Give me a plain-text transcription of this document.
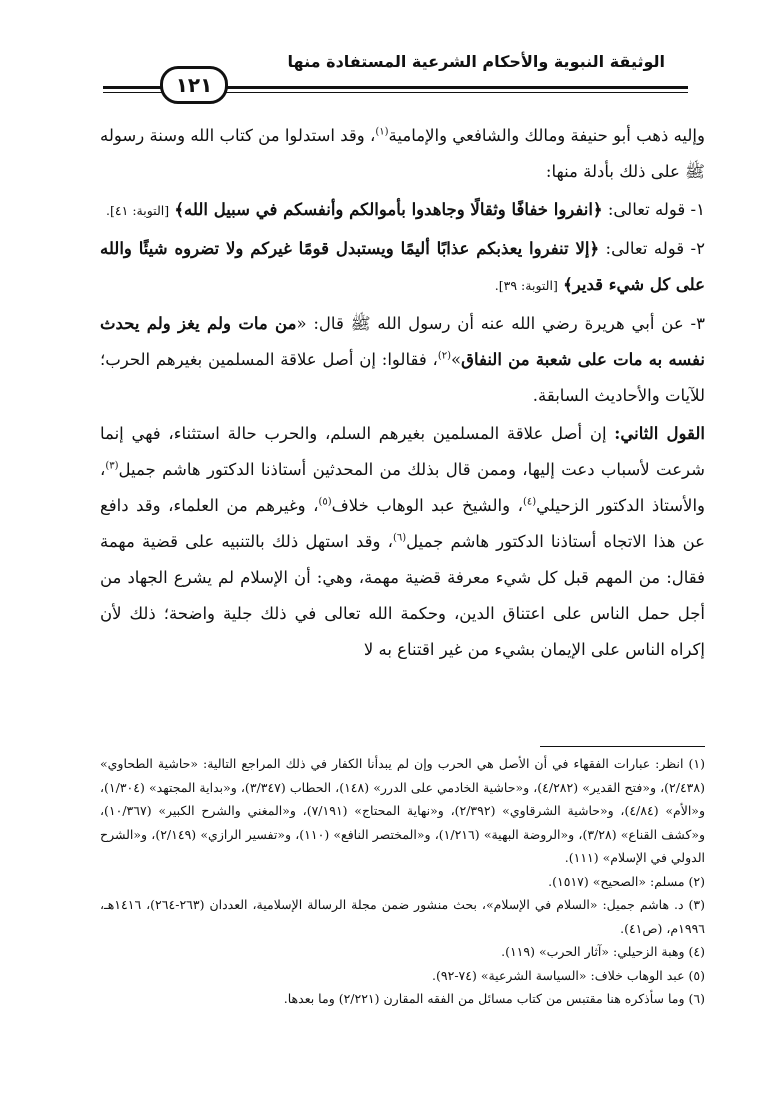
الوثيقة النبوية والأحكام الشرعية المستفادة منها
١٢١

وإليه ذهب أبو حنيفة ومالك والشافعي والإمامية$^{(١)}$، وقد استدلوا من كتاب الله وسنة رسوله ﷺ على ذلك بأدلة منها:

١- قوله تعالى: ﴿انفروا خفافًا وثقالًا وجاهدوا بأموالكم وأنفسكم في سبيل الله﴾ [التوبة: ٤١].

٢- قوله تعالى: ﴿إلا تنفروا يعذبكم عذابًا أليمًا ويستبدل قومًا غيركم ولا تضروه شيئًا والله على كل شيء قدير﴾ [التوبة: ٣٩].

٣- عن أبي هريرة رضي الله عنه أن رسول الله ﷺ قال: «من مات ولم يغز ولم يحدث نفسه به مات على شعبة من النفاق»$^{(٢)}$، فقالوا: إن أصل علاقة المسلمين بغيرهم الحرب؛ للآيات والأحاديث السابقة.

القول الثاني: إن أصل علاقة المسلمين بغيرهم السلم، والحرب حالة استثناء، فهي إنما شرعت لأسباب دعت إليها، وممن قال بذلك من المحدثين أستاذنا الدكتور هاشم جميل$^{(٣)}$، والأستاذ الدكتور الزحيلي$^{(٤)}$، والشيخ عبد الوهاب خلاف$^{(٥)}$، وغيرهم من العلماء، وقد دافع عن هذا الاتجاه أستاذنا الدكتور هاشم جميل$^{(٦)}$، وقد استهل ذلك بالتنبيه على قضية مهمة فقال: من المهم قبل كل شيء معرفة قضية مهمة، وهي: أن الإسلام لم يشرع الجهاد من أجل حمل الناس على اعتناق الدين، وحكمة الله تعالى في ذلك جلية واضحة؛ ذلك لأن إكراه الناس على الإيمان بشيء من غير اقتناع به لا

(١) انظر: عبارات الفقهاء في أن الأصل هي الحرب وإن لم يبدأنا الكفار في ذلك المراجع التالية: «حاشية الطحاوي» (٢/٤٣٨)، و«فتح القدير» (٤/٢٨٢)، و«حاشية الخادمي على الدرر» (١٤٨)، الحطاب (٣/٣٤٧)، و«بداية المجتهد» (١/٣٠٤)، و«الأم» (٤/٨٤)، و«حاشية الشرقاوي» (٢/٣٩٢)، و«نهاية المحتاج» (٧/١٩١)، و«المغني والشرح الكبير» (١٠/٣٦٧)، و«كشف القناع» (٣/٢٨)، و«الروضة البهية» (١/٢١٦)، و«المختصر النافع» (١١٠)، و«تفسير الرازي» (٢/١٤٩)، و«الشرح الدولي في الإسلام» (١١١).

(٢) مسلم: «الصحيح» (١٥١٧).

(٣) د. هاشم جميل: «السلام في الإسلام»، بحث منشور ضمن مجلة الرسالة الإسلامية، العددان (٢٦٣-٢٦٤)، ١٤١٦هـ، ١٩٩٦م، (ص٤١).

(٤) وهبة الزحيلي: «آثار الحرب» (١١٩).

(٥) عبد الوهاب خلاف: «السياسة الشرعية» (٧٤-٩٢).

(٦) وما سأذكره هنا مقتبس من كتاب مسائل من الفقه المقارن (٢/٢٢١) وما بعدها.
